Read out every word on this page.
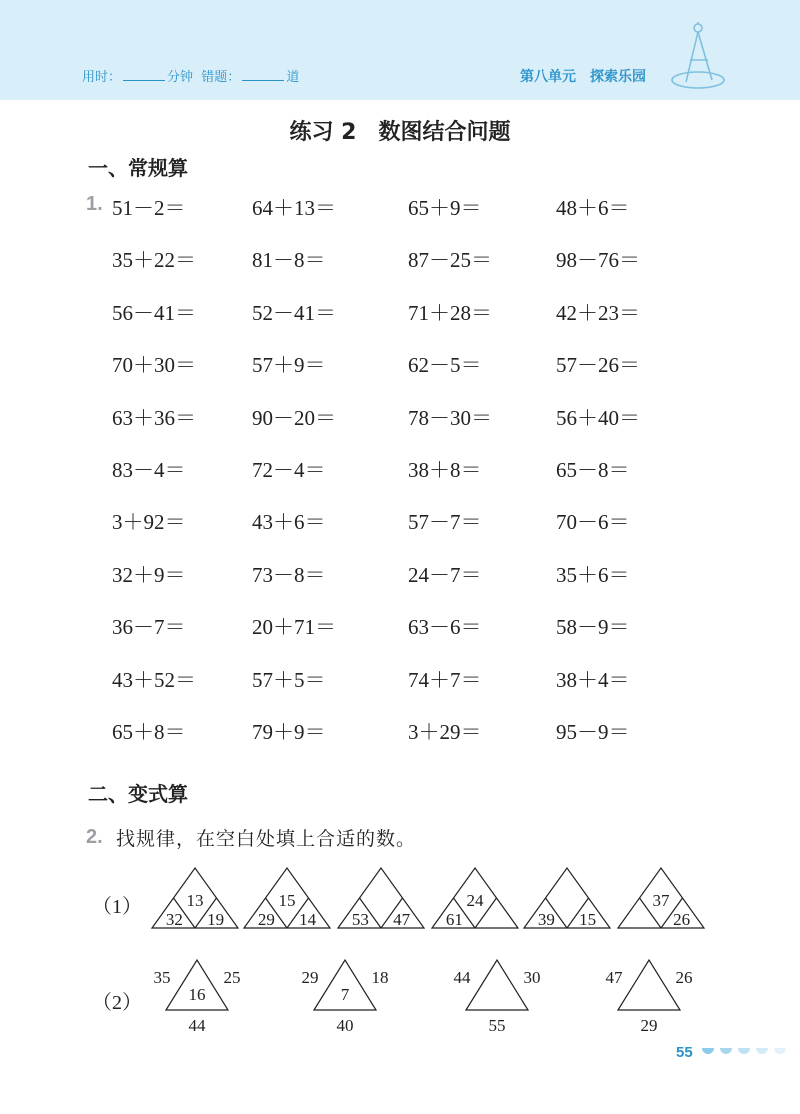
用时：	分钟 错题：	道	第八单元　探索乐园
练习 2　数图结合问题
一、常规算
1. 51－2＝	64＋13＝	65＋9＝	48＋6＝
35＋22＝	81－8＝	87－25＝	98－76＝
56－41＝	52－41＝	71＋28＝	42＋23＝
70＋30＝	57＋9＝	62－5＝	57－26＝
63＋36＝	90－20＝	78－30＝	56＋40＝
83－4＝	72－4＝	38＋8＝	65－8＝
3＋92＝	43＋6＝	57－7＝	70－6＝
32＋9＝	73－8＝	24－7＝	35＋6＝
36－7＝	20＋71＝	63－6＝	58－9＝
43＋52＝	57＋5＝	74＋7＝	38＋4＝
65＋8＝	79＋9＝	3＋29＝	95－9＝
二、变式算
2. 找规律，在空白处填上合适的数。
（1）
（2）
13
32 19
15
29 14 53 47
24
61	39 15
37
26
35	25
16
44
29	18
7
40
44	30
55
47	26
29
55
